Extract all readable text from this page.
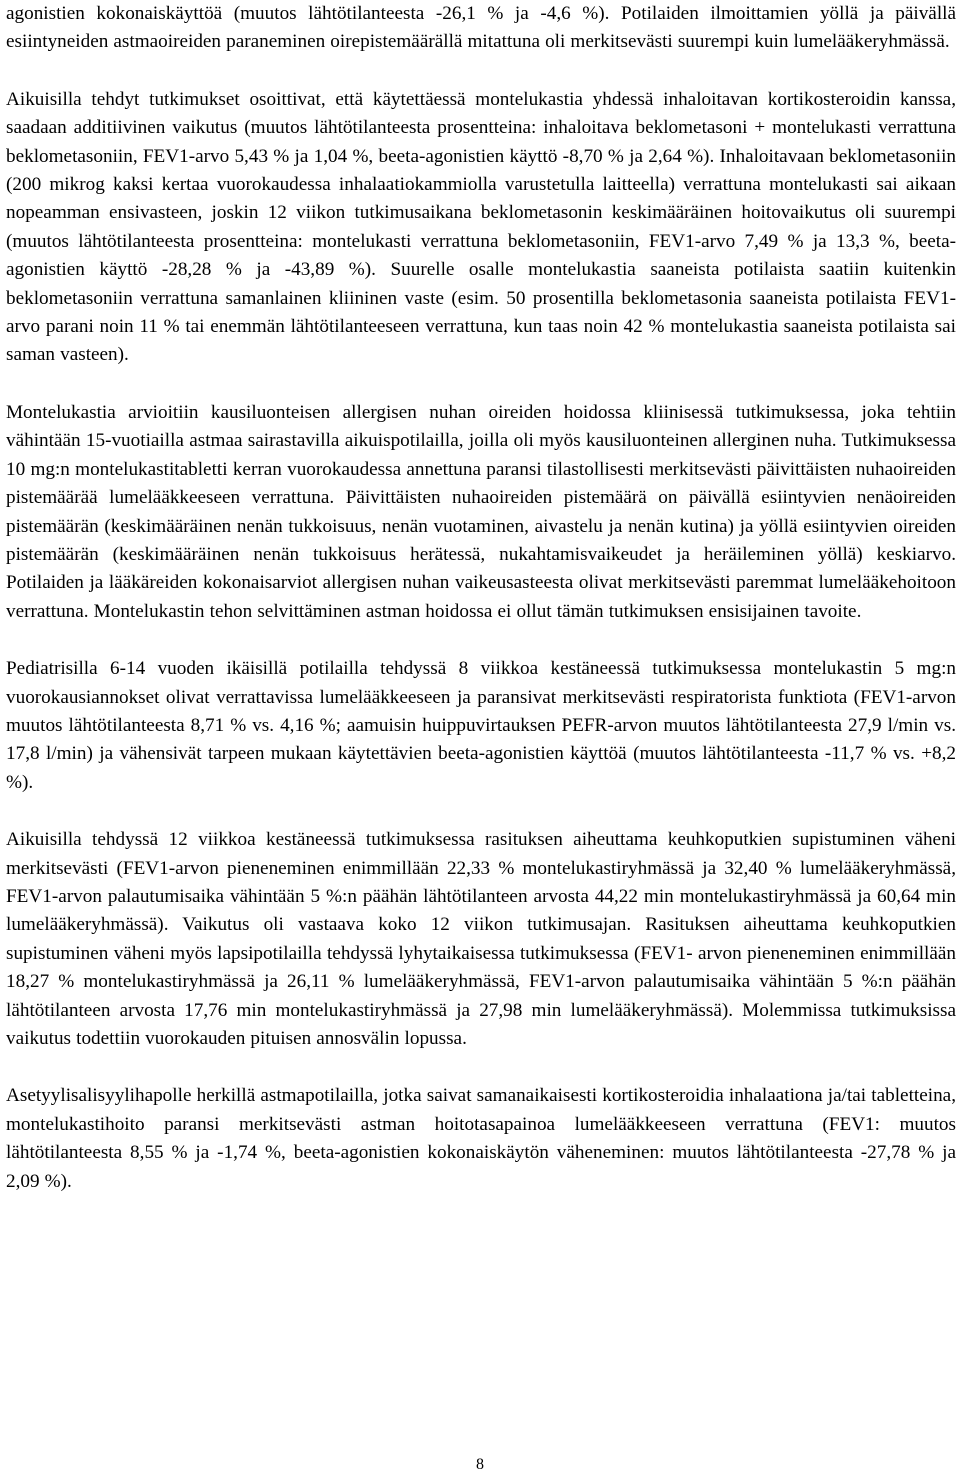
agonistien kokonaiskäyttöä (muutos lähtötilanteesta -26,1 % ja -4,6 %). Potilaiden ilmoittamien yöllä ja päivällä esiintyneiden astmaoireiden paraneminen oirepistemäärällä mitattuna oli merkitsevästi suurempi kuin lumelääkeryhmässä.

Aikuisilla tehdyt tutkimukset osoittivat, että käytettäessä montelukastia yhdessä inhaloitavan kortikosteroidin kanssa, saadaan additiivinen vaikutus (muutos lähtötilanteesta prosentteina: inhaloitava beklometasoni + montelukasti verrattuna beklometasoniin, FEV1-arvo 5,43 % ja 1,04 %, beeta-agonistien käyttö -8,70 % ja 2,64 %). Inhaloitavaan beklometasoniin (200 mikrog kaksi kertaa vuorokaudessa inhalaatiokammiolla varustetulla laitteella) verrattuna montelukasti sai aikaan nopeamman ensivasteen, joskin 12 viikon tutkimusaikana beklometasonin keskimääräinen hoitovaikutus oli suurempi (muutos lähtötilanteesta prosentteina: montelukasti verrattuna beklometasoniin, FEV1-arvo 7,49 % ja 13,3 %, beeta-agonistien käyttö -28,28 % ja -43,89 %). Suurelle osalle montelukastia saaneista potilaista saatiin kuitenkin beklometasoniin verrattuna samanlainen kliininen vaste (esim. 50 prosentilla beklometasonia saaneista potilaista FEV1-arvo parani noin 11 % tai enemmän lähtötilanteeseen verrattuna, kun taas noin 42 % montelukastia saaneista potilaista sai saman vasteen).

Montelukastia arvioitiin kausiluonteisen allergisen nuhan oireiden hoidossa kliinisessä tutkimuksessa, joka tehtiin vähintään 15-vuotiailla astmaa sairastavilla aikuispotilailla, joilla oli myös kausiluonteinen allerginen nuha. Tutkimuksessa 10 mg:n montelukastitabletti kerran vuorokaudessa annettuna paransi tilastollisesti merkitsevästi päivittäisten nuhaoireiden pistemäärää lumelääkkeeseen verrattuna. Päivittäisten nuhaoireiden pistemäärä on päivällä esiintyvien nenäoireiden pistemäärän (keskimääräinen nenän tukkoisuus, nenän vuotaminen, aivastelu ja nenän kutina) ja yöllä esiintyvien oireiden pistemäärän (keskimääräinen nenän tukkoisuus herätessä, nukahtamisvaikeudet ja heräileminen yöllä) keskiarvo. Potilaiden ja lääkäreiden kokonaisarviot allergisen nuhan vaikeusasteesta olivat merkitsevästi paremmat lumelääkehoitoon verrattuna. Montelukastin tehon selvittäminen astman hoidossa ei ollut tämän tutkimuksen ensisijainen tavoite.

Pediatrisilla 6-14 vuoden ikäisillä potilailla tehdyssä 8 viikkoa kestäneessä tutkimuksessa montelukastin 5 mg:n vuorokausiannokset olivat verrattavissa lumelääkkeeseen ja paransivat merkitsevästi respiratorista funktiota (FEV1-arvon muutos lähtötilanteesta 8,71 % vs. 4,16 %; aamuisin huippuvirtauksen PEFR-arvon muutos lähtötilanteesta 27,9 l/min vs. 17,8 l/min) ja vähensivät tarpeen mukaan käytettävien beeta-agonistien käyttöä (muutos lähtötilanteesta -11,7 % vs. +8,2 %).

Aikuisilla tehdyssä 12 viikkoa kestäneessä tutkimuksessa rasituksen aiheuttama keuhkoputkien supistuminen väheni merkitsevästi (FEV1-arvon pieneneminen enimmillään 22,33 % montelukastiryhmässä ja 32,40 % lumelääkeryhmässä, FEV1-arvon palautumisaika vähintään 5 %:n päähän lähtötilanteen arvosta 44,22 min montelukastiryhmässä ja 60,64 min lumelääkeryhmässä). Vaikutus oli vastaava koko 12 viikon tutkimusajan. Rasituksen aiheuttama keuhkoputkien supistuminen väheni myös lapsipotilailla tehdyssä lyhytaikaisessa tutkimuksessa (FEV1- arvon pieneneminen enimmillään 18,27 % montelukastiryhmässä ja 26,11 % lumelääkeryhmässä, FEV1-arvon palautumisaika vähintään 5 %:n päähän lähtötilanteen arvosta 17,76 min montelukastiryhmässä ja 27,98 min lumelääkeryhmässä). Molemmissa tutkimuksissa vaikutus todettiin vuorokauden pituisen annosvälin lopussa.

Asetyylisalisyylihapolle herkillä astmapotilailla, jotka saivat samanaikaisesti kortikosteroidia inhalaationa ja/tai tabletteina, montelukastihoito paransi merkitsevästi astman hoitotasapainoa lumelääkkeeseen verrattuna (FEV1: muutos lähtötilanteesta 8,55 % ja -1,74 %, beeta-agonistien kokonaiskäytön väheneminen: muutos lähtötilanteesta -27,78 % ja 2,09 %).

8
